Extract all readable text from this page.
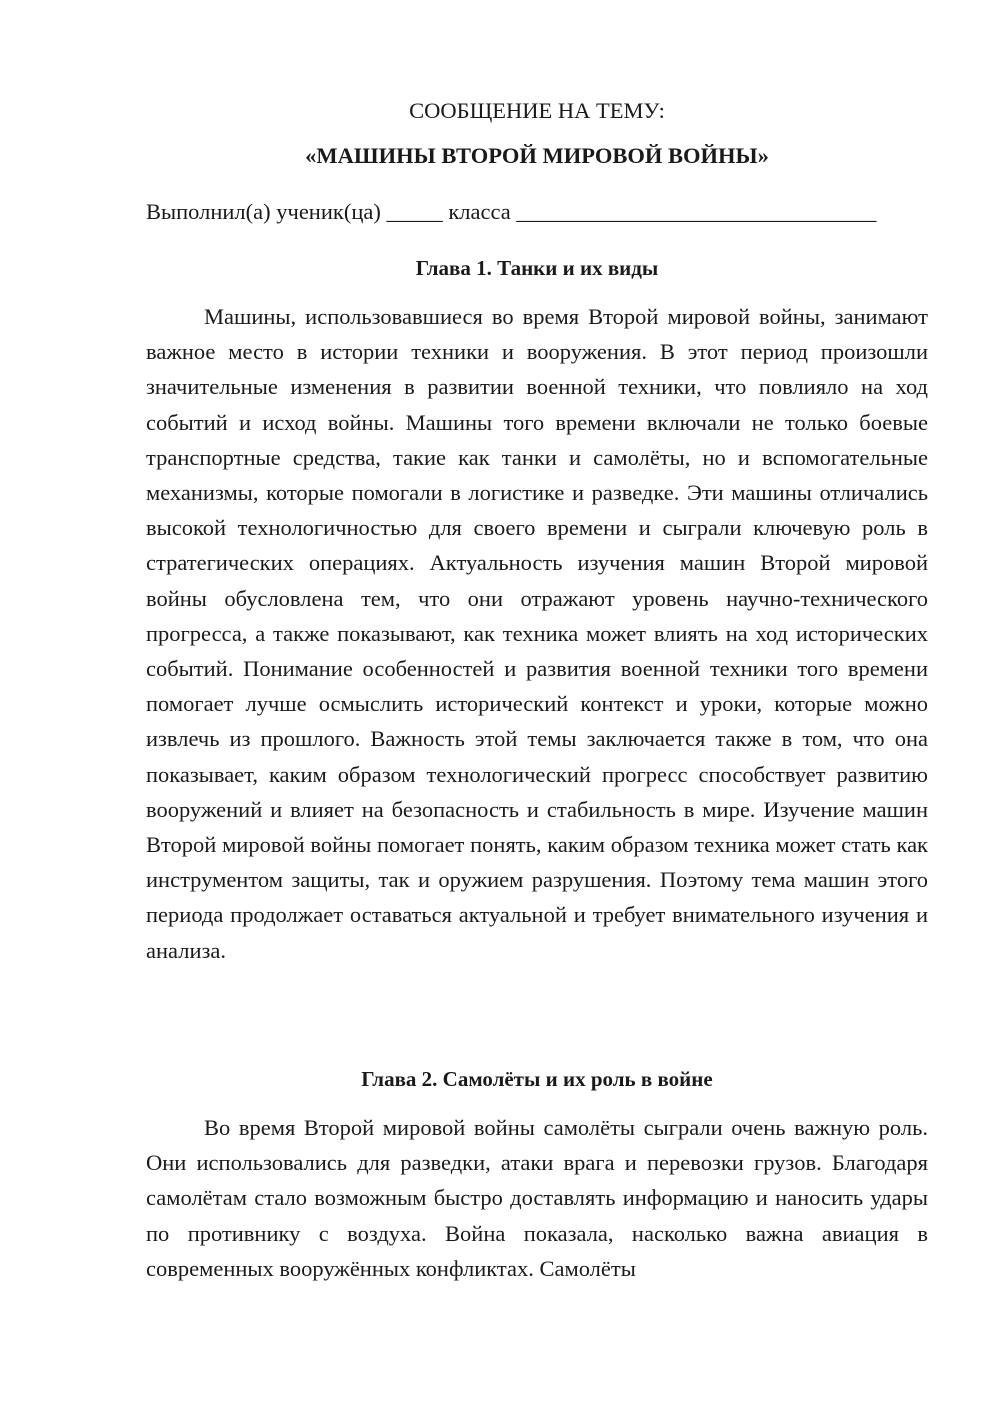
СООБЩЕНИЕ НА ТЕМУ:
«МАШИНЫ ВТОРОЙ МИРОВОЙ ВОЙНЫ»
Выполнил(а) ученик(ца) _____ класса ________________________________
Глава 1. Танки и их виды

Машины, использовавшиеся во время Второй мировой войны, занимают важное место в истории техники и вооружения. В этот период произошли значительные изменения в развитии военной техники, что повлияло на ход событий и исход войны. Машины того времени включали не только боевые транспортные средства, такие как танки и самолёты, но и вспомогательные механизмы, которые помогали в логистике и разведке. Эти машины отличались высокой технологичностью для своего времени и сыграли ключевую роль в стратегических операциях. Актуальность изучения машин Второй мировой войны обусловлена тем, что они отражают уровень научно-технического прогресса, а также показывают, как техника может влиять на ход исторических событий. Понимание особенностей и развития военной техники того времени помогает лучше осмыслить исторический контекст и уроки, которые можно извлечь из прошлого. Важность этой темы заключается также в том, что она показывает, каким образом технологический прогресс способствует развитию вооружений и влияет на безопасность и стабильность в мире. Изучение машин Второй мировой войны помогает понять, каким образом техника может стать как инструментом защиты, так и оружием разрушения. Поэтому тема машин этого периода продолжает оставаться актуальной и требует внимательного изучения и анализа.

Глава 2. Самолёты и их роль в войне

Во время Второй мировой войны самолёты сыграли очень важную роль. Они использовались для разведки, атаки врага и перевозки грузов. Благодаря самолётам стало возможным быстро доставлять информацию и наносить удары по противнику с воздуха. Война показала, насколько важна авиация в современных вооружённых конфликтах. Самолёты
